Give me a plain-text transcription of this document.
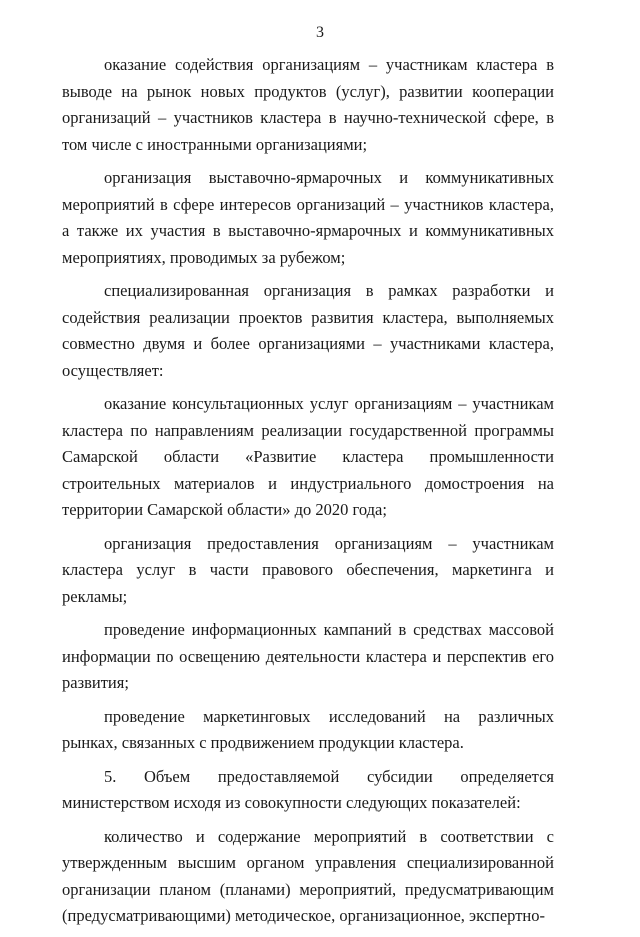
3

оказание содействия организациям – участникам кластера в выводе на рынок новых продуктов (услуг), развитии кооперации организаций – участников кластера в научно-технической сфере, в том числе с иностранными организациями;

организация выставочно-ярмарочных и коммуникативных мероприятий в сфере интересов организаций – участников кластера, а также их участия в выставочно-ярмарочных и коммуникативных мероприятиях, проводимых за рубежом;

специализированная организация в рамках разработки и содействия реализации проектов развития кластера, выполняемых совместно двумя и более организациями – участниками кластера, осуществляет:

оказание консультационных услуг организациям – участникам кластера по направлениям реализации государственной программы Самарской области «Развитие кластера промышленности строительных материалов и индустриального домостроения на территории Самарской области» до 2020 года;

организация предоставления организациям – участникам кластера услуг в части правового обеспечения, маркетинга и рекламы;

проведение информационных кампаний в средствах массовой информации по освещению деятельности кластера и перспектив его развития;

проведение маркетинговых исследований на различных рынках, связанных с продвижением продукции кластера.

5. Объем предоставляемой субсидии определяется министерством исходя из совокупности следующих показателей:

количество и содержание мероприятий в соответствии с утвержденным высшим органом управления специализированной организации планом (планами) мероприятий, предусматривающим (предусматривающими) методическое, организационное, экспертно-
